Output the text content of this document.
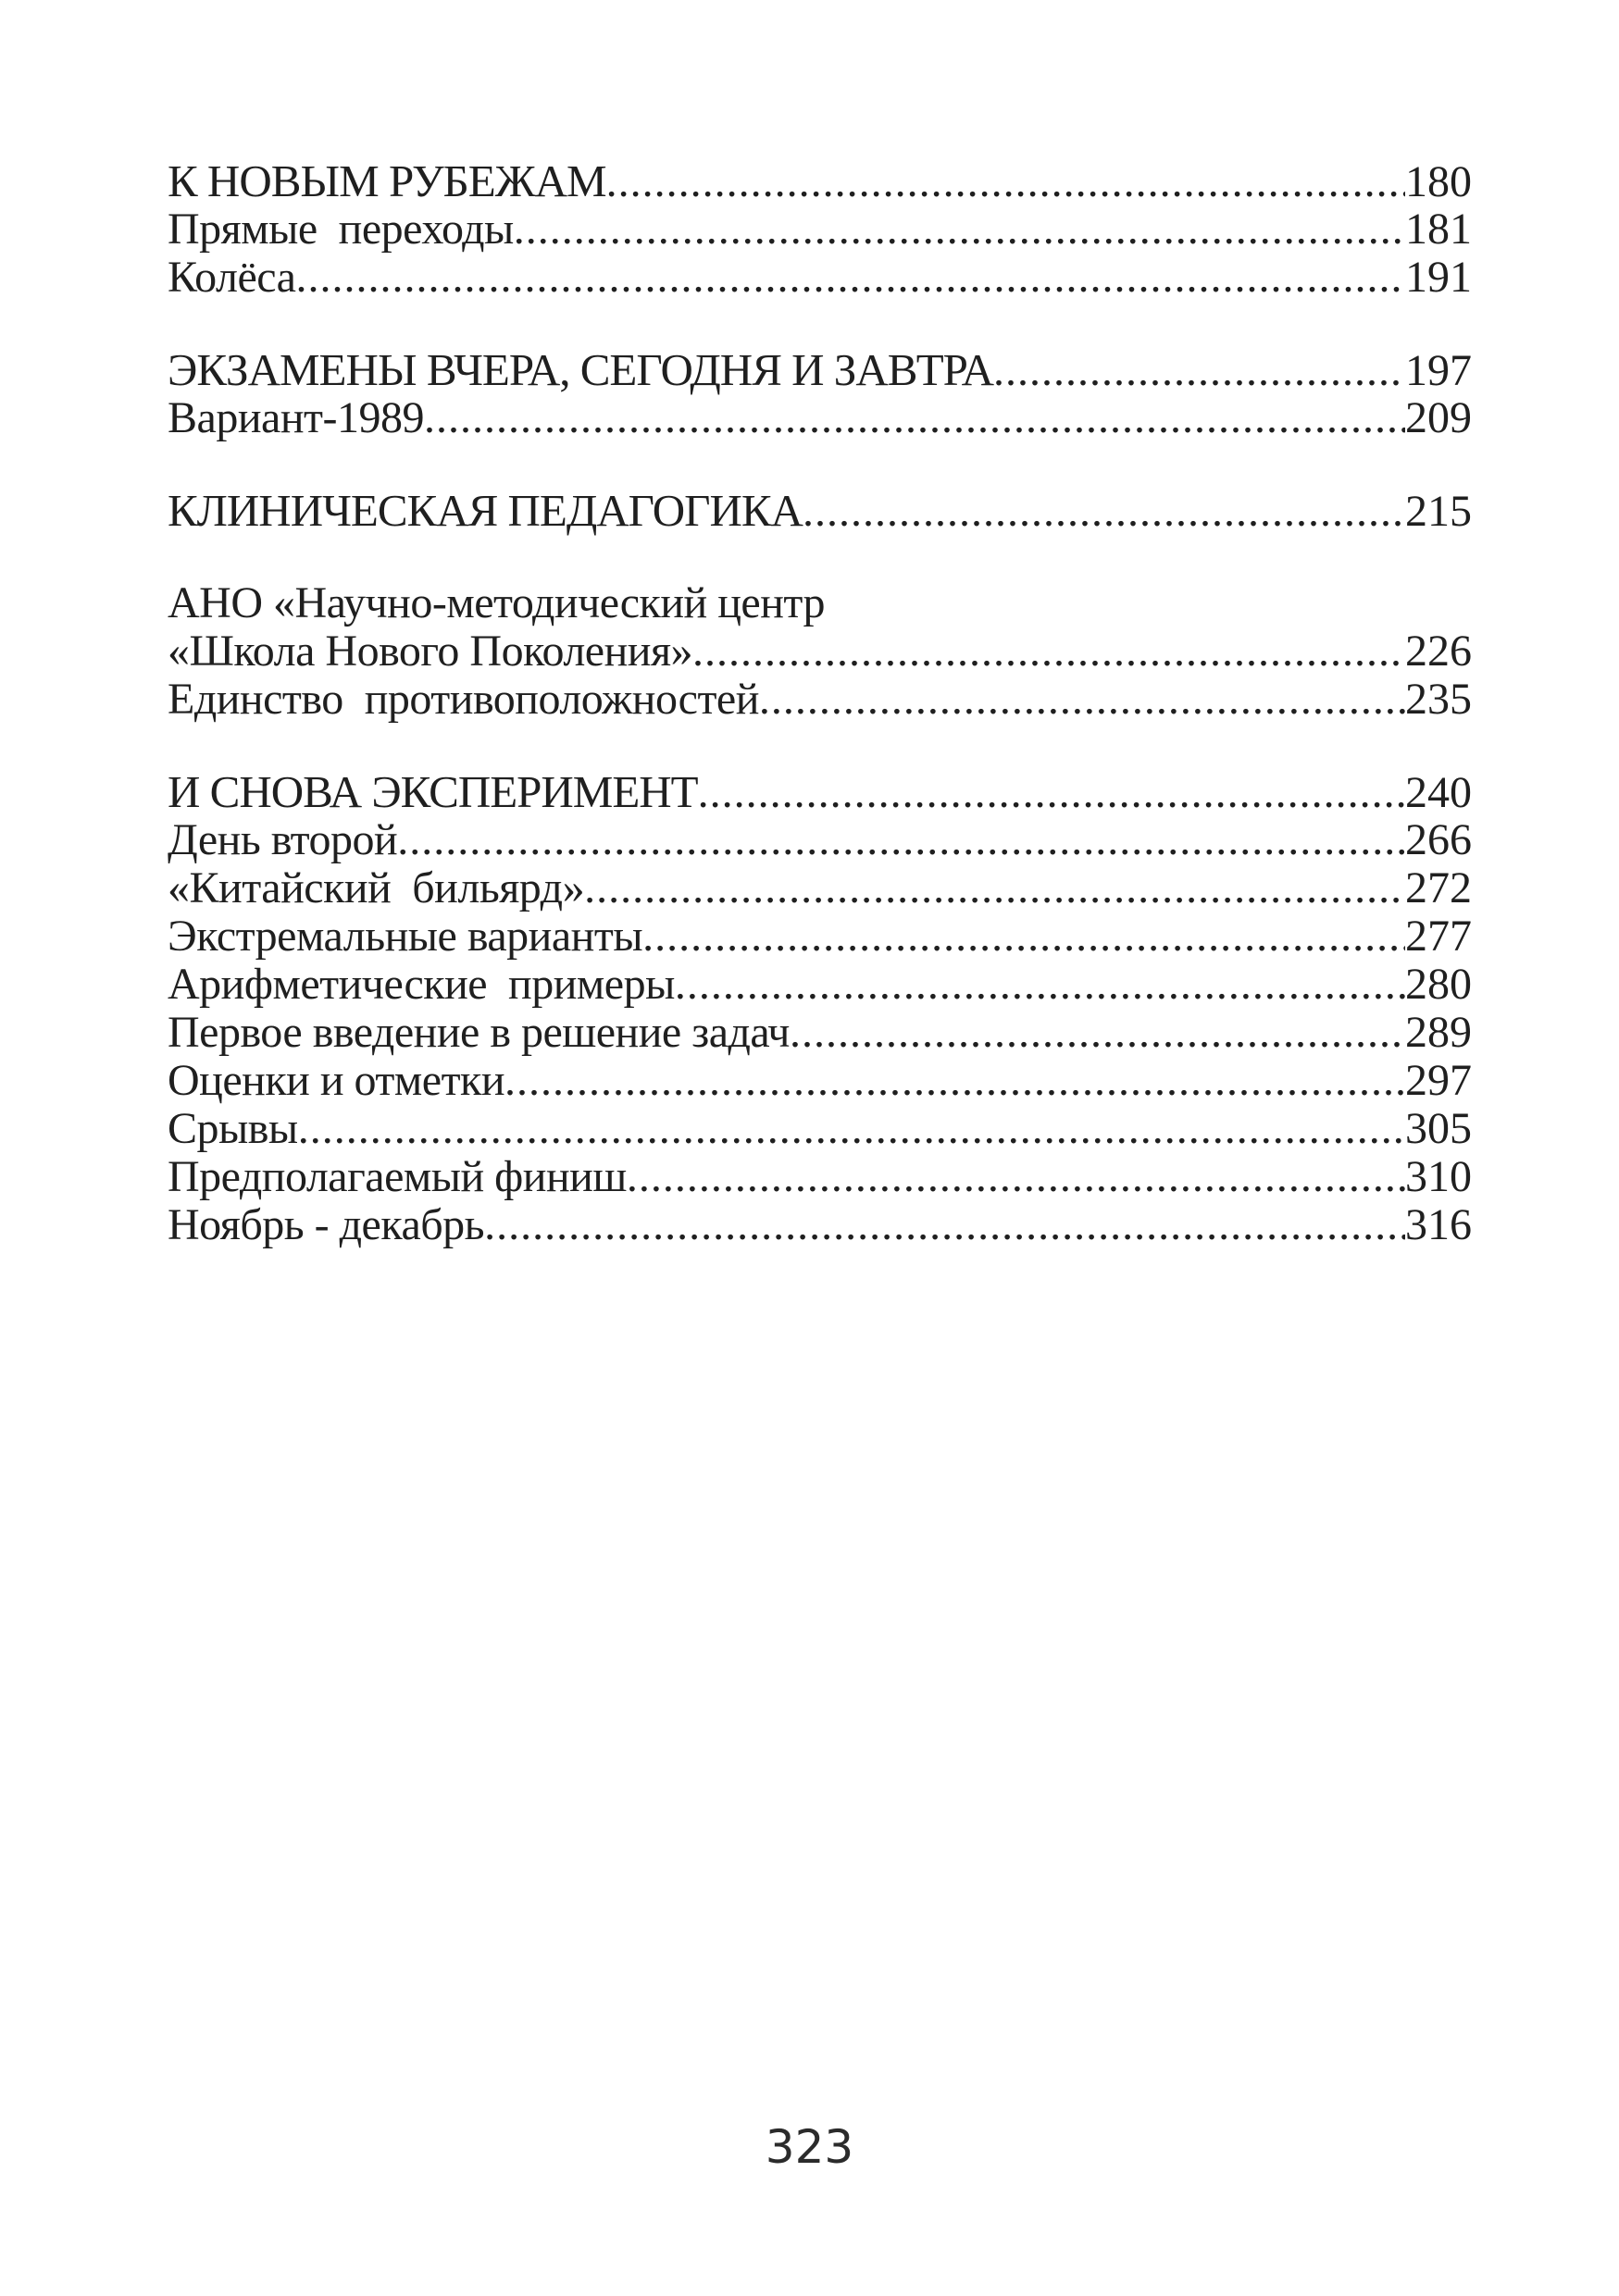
К НОВЫМ РУБЕЖАМ .....	180
Прямые  переходы .....	181
Колёса .....	191
ЭКЗАМЕНЫ ВЧЕРА, СЕГОДНЯ И ЗАВТРА .....	197
Вариант-1989 .....	209
КЛИНИЧЕСКАЯ ПЕДАГОГИКА .....	215
АНО «Научно-методический центр
«Школа Нового Поколения» .....	226
Единство  противоположностей .....	235
И СНОВА ЭКСПЕРИМЕНТ .....	240
День второй .....	266
«Китайский  бильярд» .....	272
Экстремальные варианты .....	277
Арифметические  примеры .....	280
Первое введение в решение задач .....	289
Оценки и отметки .....	297
Срывы .....	305
Предполагаемый финиш .....	310
Ноябрь - декабрь .....	316
323
